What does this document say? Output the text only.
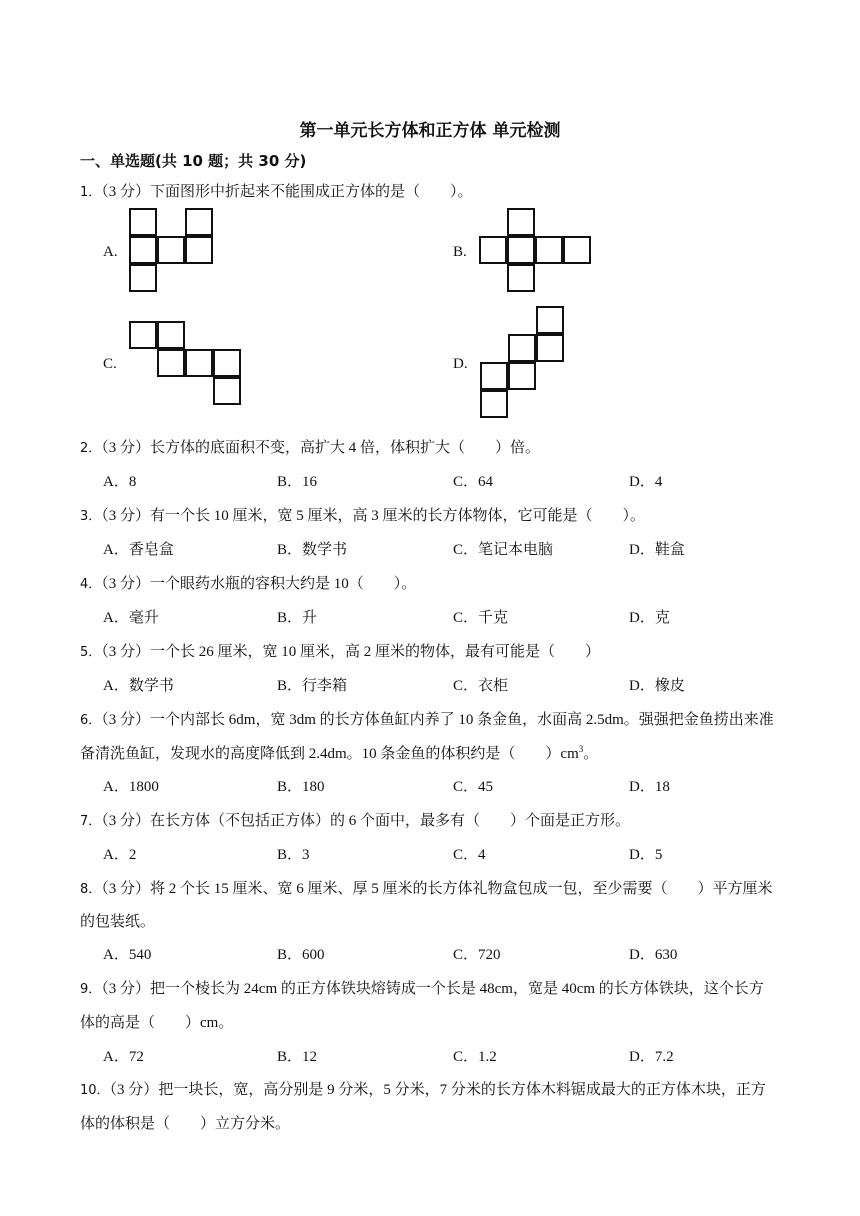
第一单元长方体和正方体 单元检测
一、单选题(共 10 题；共 30 分)
1．（3 分）下面图形中折起来不能围成正方体的是（　　）。
A.	B.
C.	D.
2．（3 分）长方体的底面积不变，高扩大 4 倍，体积扩大（　　）倍。
A．8	B．16	C．64	D．4
3．（3 分）有一个长 10 厘米，宽 5 厘米，高 3 厘米的长方体物体，它可能是（　　）。
A．香皂盒	B．数学书	C．笔记本电脑	D．鞋盒
4．（3 分）一个眼药水瓶的容积大约是 10（　　）。
A．毫升	B．升	C．千克	D．克
5．（3 分）一个长 26 厘米，宽 10 厘米，高 2 厘米的物体，最有可能是（　　）
A．数学书	B．行李箱	C．衣柜	D．橡皮
6．（3 分）一个内部长 6dm，宽 3dm 的长方体鱼缸内养了 10 条金鱼，水面高 2.5dm。强强把金鱼捞出来准
备清洗鱼缸，发现水的高度降低到 2.4dm。10 条金鱼的体积约是（　　）$cm^3$。
A．1800	B．180	C．45	D．18
7．（3 分）在长方体（不包括正方体）的 6 个面中，最多有（　　）个面是正方形。
A．2	B．3	C．4	D．5
8．（3 分）将 2 个长 15 厘米、宽 6 厘米、厚 5 厘米的长方体礼物盒包成一包，至少需要（　　）平方厘米
的包装纸。
A．540	B．600	C．720	D．630
9．（3 分）把一个棱长为 24cm 的正方体铁块熔铸成一个长是 48cm，宽是 40cm 的长方体铁块，这个长方
体的高是（　　）cm。
A．72	B．12	C．1.2	D．7.2
10．（3 分）把一块长，宽，高分别是 9 分米，5 分米，7 分米的长方体木料锯成最大的正方体木块，正方
体的体积是（　　）立方分米。
